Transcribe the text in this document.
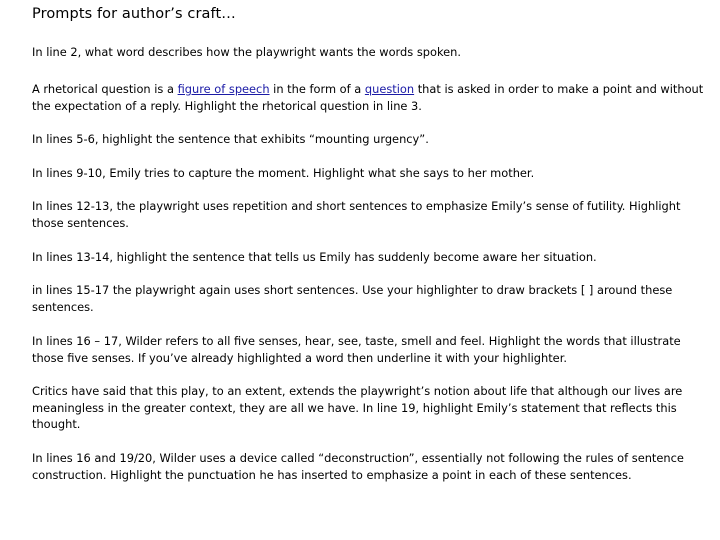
Prompts for author’s craft…
In line 2, what word describes how the playwright wants the words spoken.
A rhetorical question is a figure of speech in the form of a question that is asked in order to make a point and without the expectation of a reply. Highlight the rhetorical question in line 3.
In lines 5-6, highlight the sentence that exhibits “mounting urgency”.
In lines 9-10, Emily tries to capture the moment. Highlight what she says to her mother.
In lines 12-13, the playwright uses repetition and short sentences to emphasize Emily’s sense of futility. Highlight those sentences.
In lines 13-14, highlight the sentence that tells us Emily has suddenly become aware her situation.
in lines 15-17 the playwright again uses short sentences. Use your highlighter to draw brackets [ ] around these sentences.
In lines 16 – 17, Wilder refers to all five senses, hear, see, taste, smell and feel. Highlight the words that illustrate those five senses. If you’ve already highlighted a word then underline it with your highlighter.
Critics have said that this play, to an extent, extends the playwright’s notion about life that although our lives are meaningless in the greater context, they are all we have. In line 19, highlight Emily’s statement that reflects this thought.
In lines 16 and 19/20, Wilder uses a device called “deconstruction”, essentially not following the rules of sentence construction. Highlight the punctuation he has inserted to emphasize a point in each of these sentences.
